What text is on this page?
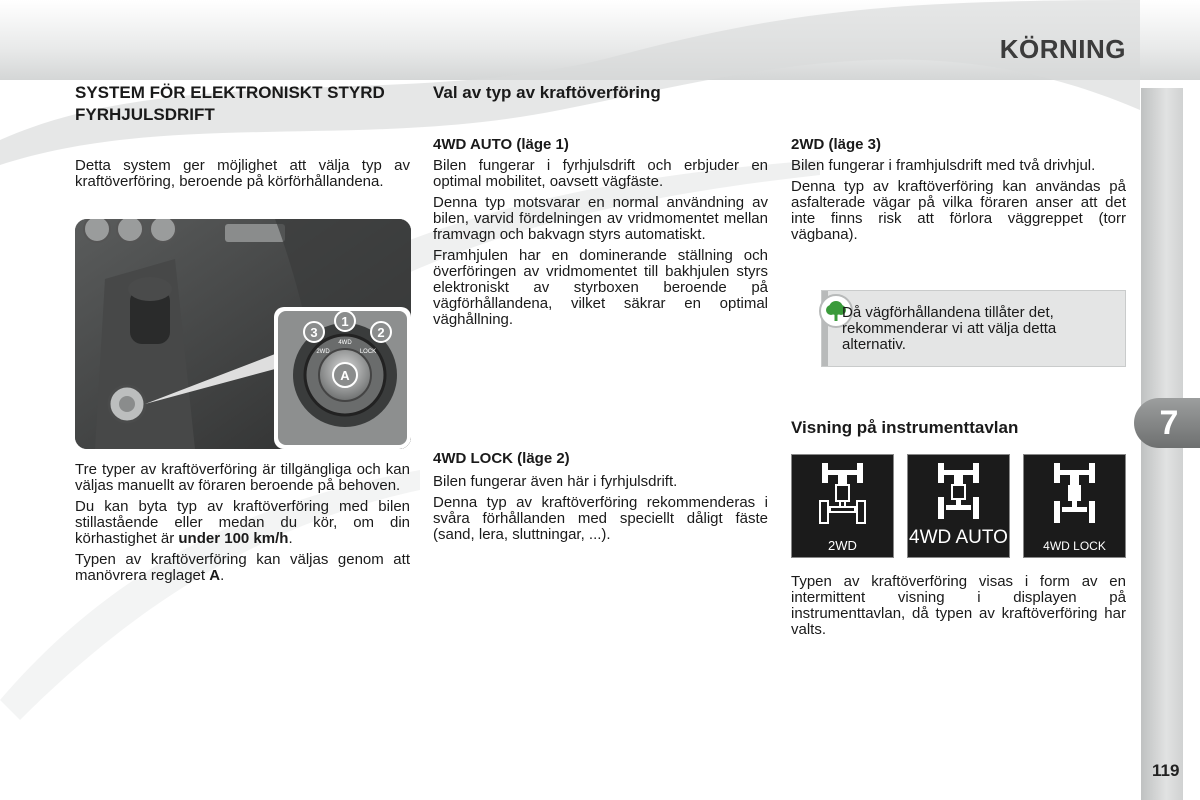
KÖRNING
SYSTEM FÖR ELEKTRONISKT STYRD FYRHJULSDRIFT
Detta system ger möjlighet att välja typ av kraftöverföring, beroende på körförhållandena.
3
1
2
2WD
4WD
LOCK
A

Tre typer av kraftöverföring är tillgängliga och kan väljas manuellt av föraren beroende på behoven.

Du kan byta typ av kraftöverföring med bilen stillastående eller medan du kör, om din körhastighet är under 100 km/h.

Typen av kraftöverföring kan väljas genom att manövrera reglaget A.

Val av typ av kraftöverföring
4WD AUTO (läge 1)

Bilen fungerar i fyrhjulsdrift och erbjuder en optimal mobilitet, oavsett vägfäste.

Denna typ motsvarar en normal användning av bilen, varvid fördelningen av vridmomentet mellan framvagn och bakvagn styrs automatiskt.

Framhjulen har en dominerande ställning och överföringen av vridmomentet till bakhjulen styrs elektroniskt av styrboxen beroende på vägförhållandena, vilket säkrar en optimal väghållning.

4WD LOCK (läge 2)

Bilen fungerar även här i fyrhjulsdrift.

Denna typ av kraftöverföring rekommenderas i svåra förhållanden med speciellt dåligt fäste (sand, lera, sluttningar, ...).

2WD (läge 3)

Bilen fungerar i framhjulsdrift med två drivhjul.

Denna typ av kraftöverföring kan användas på asfalterade vägar på vilka föraren anser att det inte finns risk att förlora väggreppet (torr vägbana).

Då vägförhållandena tillåter det, rekommenderar vi att välja detta alternativ.
Visning på instrumenttavlan
2WD	4WD AUTO	4WD LOCK
Typen av kraftöverföring visas i form av en intermittent visning i displayen på instrumenttavlan, då typen av kraftöverföring har valts.
7
119
